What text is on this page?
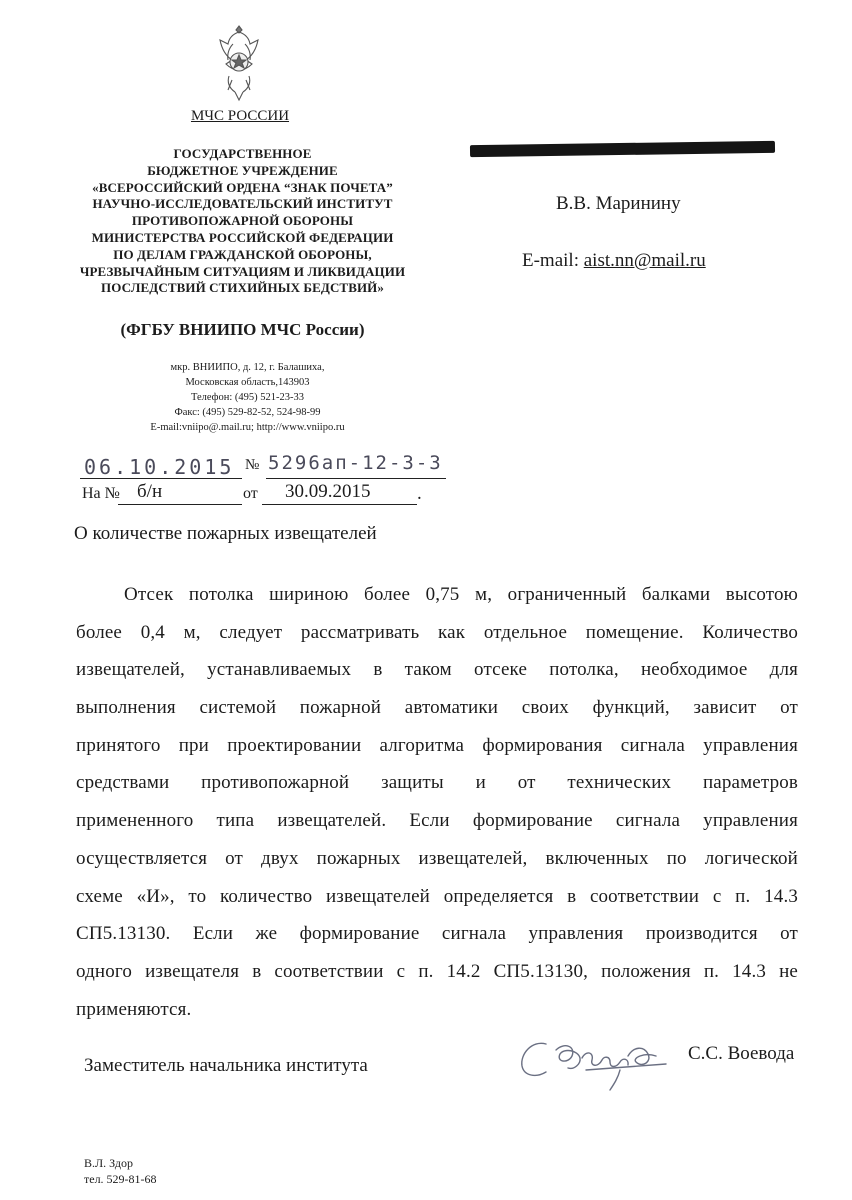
МЧС РОССИИ
ГОСУДАРСТВЕННОЕ
БЮДЖЕТНОЕ УЧРЕЖДЕНИЕ
«ВСЕРОССИЙСКИЙ ОРДЕНА “ЗНАК ПОЧЕТА”
НАУЧНО-ИССЛЕДОВАТЕЛЬСКИЙ ИНСТИТУТ
ПРОТИВОПОЖАРНОЙ ОБОРОНЫ
МИНИСТЕРСТВА РОССИЙСКОЙ ФЕДЕРАЦИИ
ПО ДЕЛАМ ГРАЖДАНСКОЙ ОБОРОНЫ,
ЧРЕЗВЫЧАЙНЫМ СИТУАЦИЯМ И ЛИКВИДАЦИИ
ПОСЛЕДСТВИЙ СТИХИЙНЫХ БЕДСТВИЙ»
(ФГБУ ВНИИПО МЧС России)
мкр. ВНИИПО, д. 12, г. Балашиха,
Московская область,143903
Телефон: (495) 521-23-33
Факс: (495) 529-82-52, 524-98-99
E-mail:vniipo@.mail.ru; http://www.vniipo.ru
06.10.2015 № 5296ап-12-3-3
На № б/н	от 30.09.2015 .
В.В. Маринину
E-mail: aist.nn@mail.ru
О количестве пожарных извещателей
Отсек потолка шириною более 0,75 м, ограниченный балками высотою
более 0,4 м, следует рассматривать как отдельное помещение. Количество
извещателей, устанавливаемых в таком отсеке потолка, необходимое для
выполнения системой пожарной автоматики своих функций, зависит от
принятого при проектировании алгоритма формирования сигнала управления
средствами противопожарной защиты и от технических параметров
примененного типа извещателей. Если формирование сигнала управления
осуществляется от двух пожарных извещателей, включенных по логической
схеме «И», то количество извещателей определяется в соответствии с п. 14.3
СП5.13130. Если же формирование сигнала управления производится от
одного извещателя в соответствии с п. 14.2 СП5.13130, положения п. 14.3 не
применяются.
Заместитель начальника института
С.С. Воевода
В.Л. Здор
тел. 529-81-68
